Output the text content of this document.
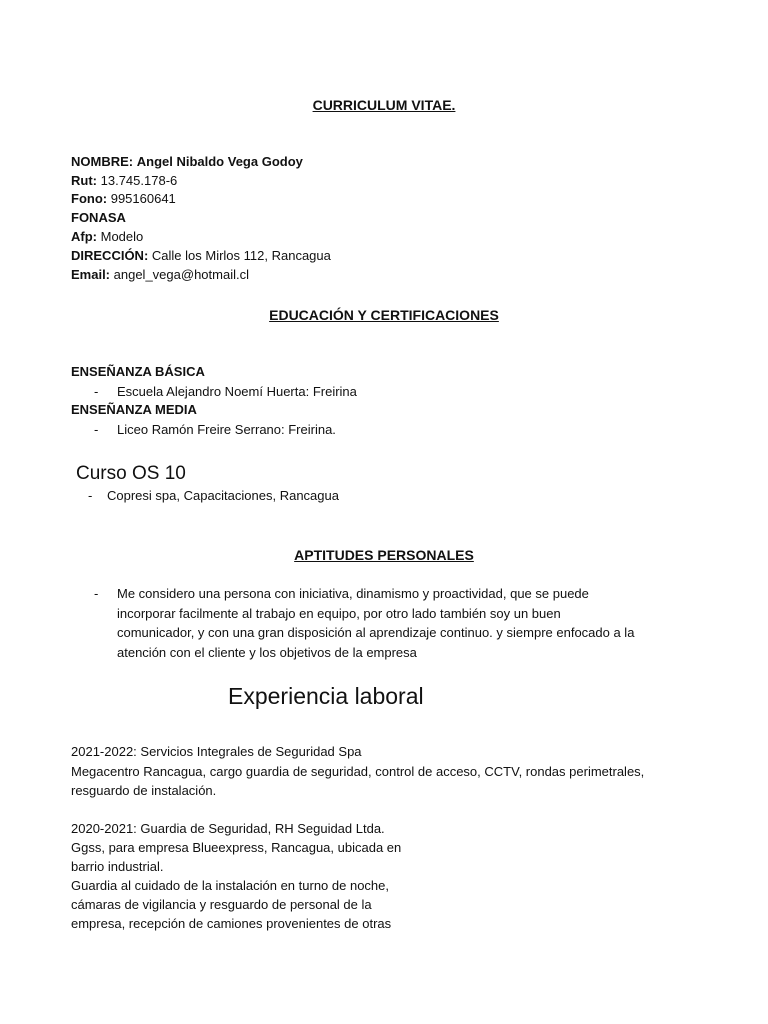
CURRICULUM VITAE.
NOMBRE: Angel Nibaldo Vega Godoy
Rut: 13.745.178-6
Fono: 995160641
FONASA
Afp: Modelo
DIRECCIÓN: Calle los Mirlos 112, Rancagua
Email: angel_vega@hotmail.cl
EDUCACIÓN Y CERTIFICACIONES
ENSEÑANZA BÁSICA
- Escuela Alejandro Noemí Huerta: Freirina
ENSEÑANZA MEDIA
- Liceo Ramón Freire Serrano: Freirina.
Curso OS 10
- Copresi spa, Capacitaciones, Rancagua
APTITUDES PERSONALES
- Me considero una persona con iniciativa, dinamismo y proactividad, que se puede
incorporar facilmente al trabajo en equipo, por otro lado también soy un buen
comunicador, y con una gran disposición al aprendizaje continuo. y siempre enfocado a la
atención con el cliente y los objetivos de la empresa
Experiencia laboral
2021-2022: Servicios Integrales de Seguridad Spa
Megacentro Rancagua, cargo guardia de seguridad, control de acceso, CCTV, rondas perimetrales,
resguardo de instalación.
2020-2021: Guardia de Seguridad, RH Seguidad Ltda.
Ggss, para empresa Blueexpress, Rancagua, ubicada en
barrio industrial.
Guardia al cuidado de la instalación en turno de noche,
cámaras de vigilancia y resguardo de personal de la
empresa, recepción de camiones provenientes de otras
